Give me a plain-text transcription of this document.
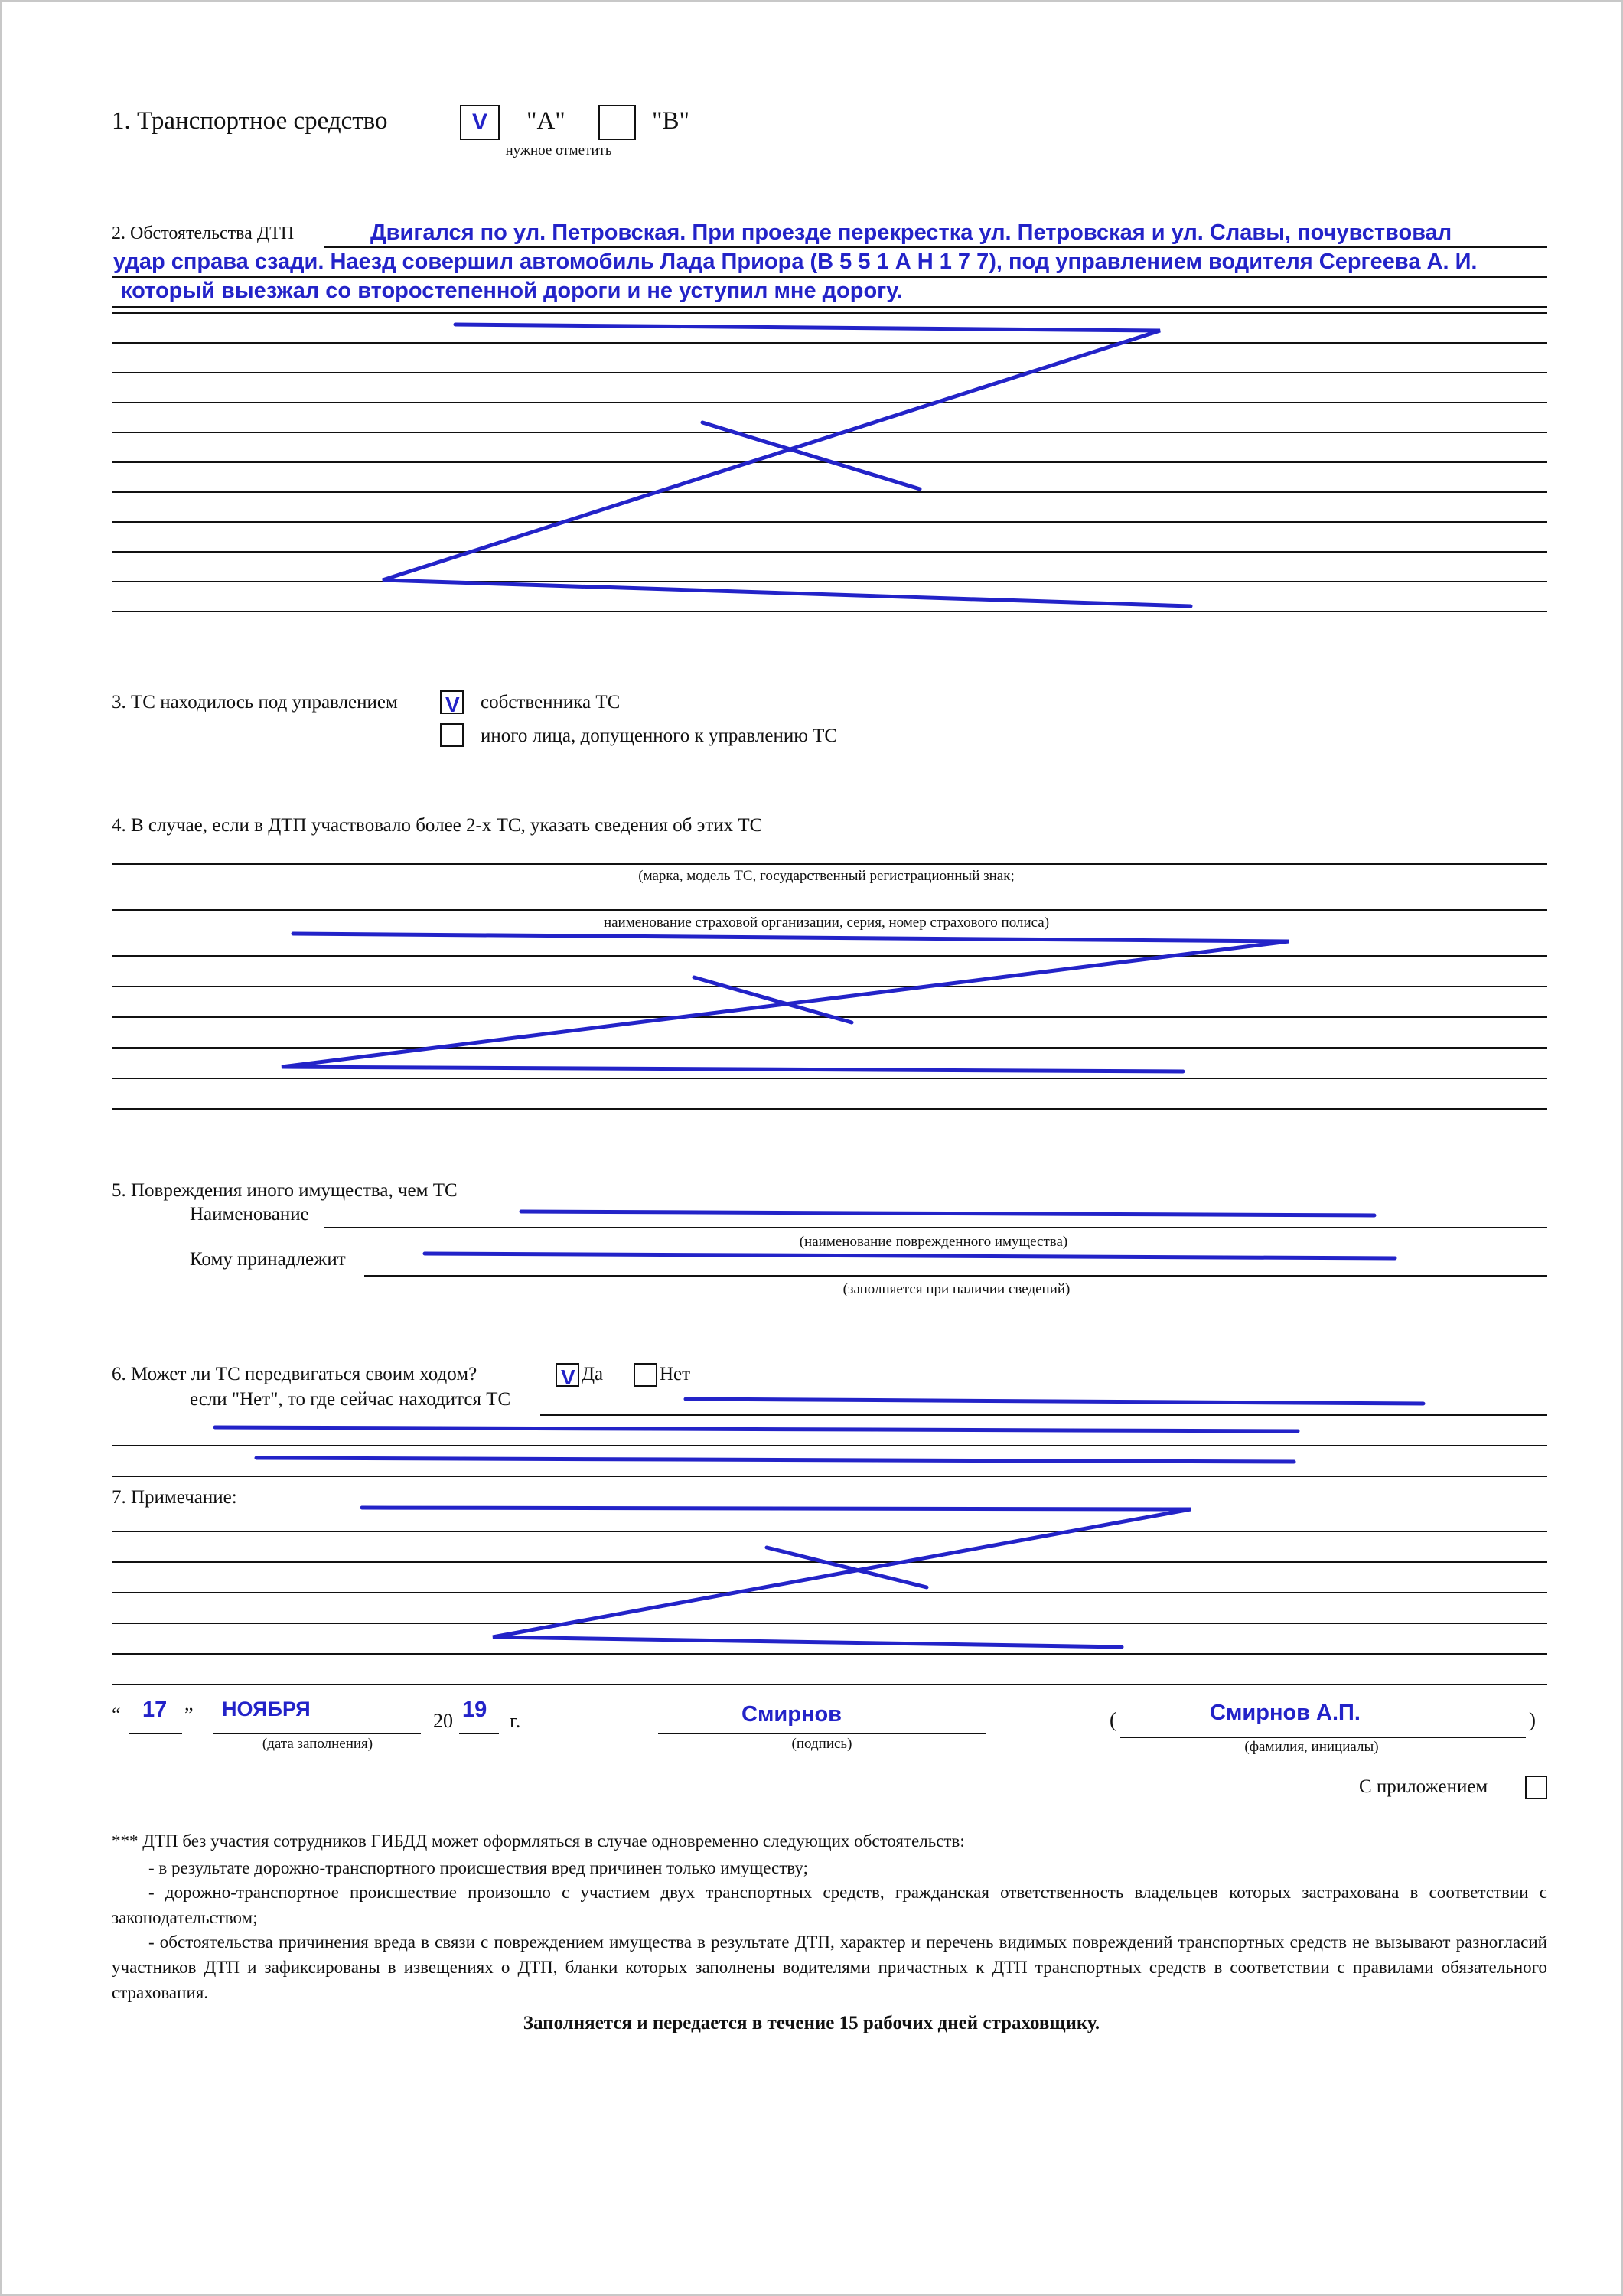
1. Транспортное средство	V "А"	"В"
нужное отметить
2. Обстоятельства ДТП	Двигался по ул. Петровская. При проезде перекрестка ул. Петровская и ул. Славы, почувствовал
удар справа сзади. Наезд совершил автомобиль Лада Приора (В 5 5 1 А Н 1 7 7), под управлением водителя Сергеева А. И.
который выезжал со второстепенной дороги и не уступил мне дорогу.
3. ТС находилось под управлением V собственника ТС
иного лица, допущенного к управлению ТС
4. В случае, если в ДТП участвовало более 2-х ТС, указать сведения об этих ТС
(марка, модель ТС, государственный регистрационный знак;
наименование страховой организации, серия, номер страхового полиса)
5. Повреждения иного имущества, чем ТС
Наименование
(наименование поврежденного имущества)
Кому принадлежит
(заполняется при наличии сведений)
6. Может ли ТС передвигаться своим ходом?	V Да	Нет
если "Нет", то где сейчас находится ТС
7. Примечание:
“ 17 ” НОЯБРЯ
(дата заполнения)
20 19 г.	Смирнов
(подпись)
(	Смирнов А.П.	)
(фамилия, инициалы)
С приложением
*** ДТП без участия сотрудников ГИБДД может оформляться в случае одновременно следующих обстоятельств:
- в результате дорожно-транспортного происшествия вред причинен только имуществу;
- дорожно-транспортное происшествие произошло с участием двух транспортных средств, гражданская ответственность владельцев которых застрахована в соответствии с законодательством;
- обстоятельства причинения вреда в связи с повреждением имущества в результате ДТП, характер и перечень видимых повреждений транспортных средств не вызывают разногласий участников ДТП и зафиксированы в извещениях о ДТП, бланки которых заполнены водителями причастных к ДТП транспортных средств в соответствии с правилами обязательного страхования.
Заполняется и передается в течение 15 рабочих дней страховщику.
